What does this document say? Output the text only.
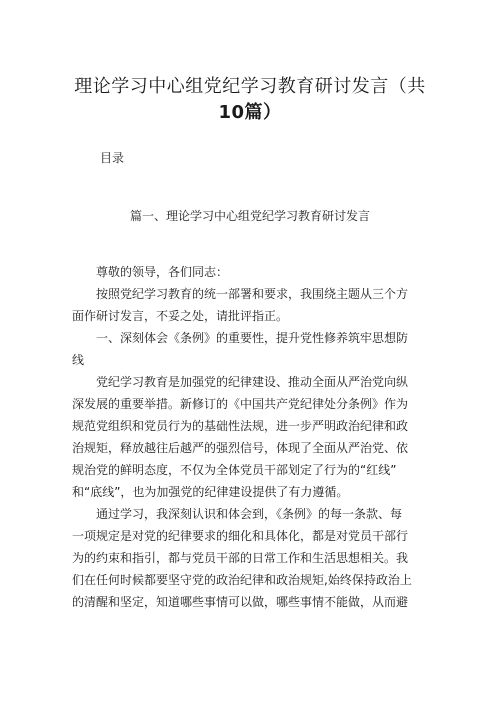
理论学习中心组党纪学习教育研讨发言（共
10篇）
目录
篇一、理论学习中心组党纪学习教育研讨发言
尊敬的领导，各们同志：
按照党纪学习教育的统一部署和要求，我围绕主题从三个方
面作研讨发言，不妥之处，请批评指正。
一、深刻体会《条例》的重要性，提升党性修养筑牢思想防
线
党纪学习教育是加强党的纪律建设、推动全面从严治党向纵
深发展的重要举措。新修订的《中国共产党纪律处分条例》作为
规范党组织和党员行为的基础性法规，进一步严明政治纪律和政
治规矩，释放越往后越严的强烈信号，体现了全面从严治党、依
规治党的鲜明态度，不仅为全体党员干部划定了行为的“红线”
和“底线”，也为加强党的纪律建设提供了有力遵循。
通过学习，我深刻认识和体会到，《条例》的每一条款、每
一项规定是对党的纪律要求的细化和具体化，都是对党员干部行
为的约束和指引，都与党员干部的日常工作和生活思想相关。我
们在任何时候都要坚守党的政治纪律和政治规矩,始终保持政治上
的清醒和坚定，知道哪些事情可以做，哪些事情不能做，从而避
